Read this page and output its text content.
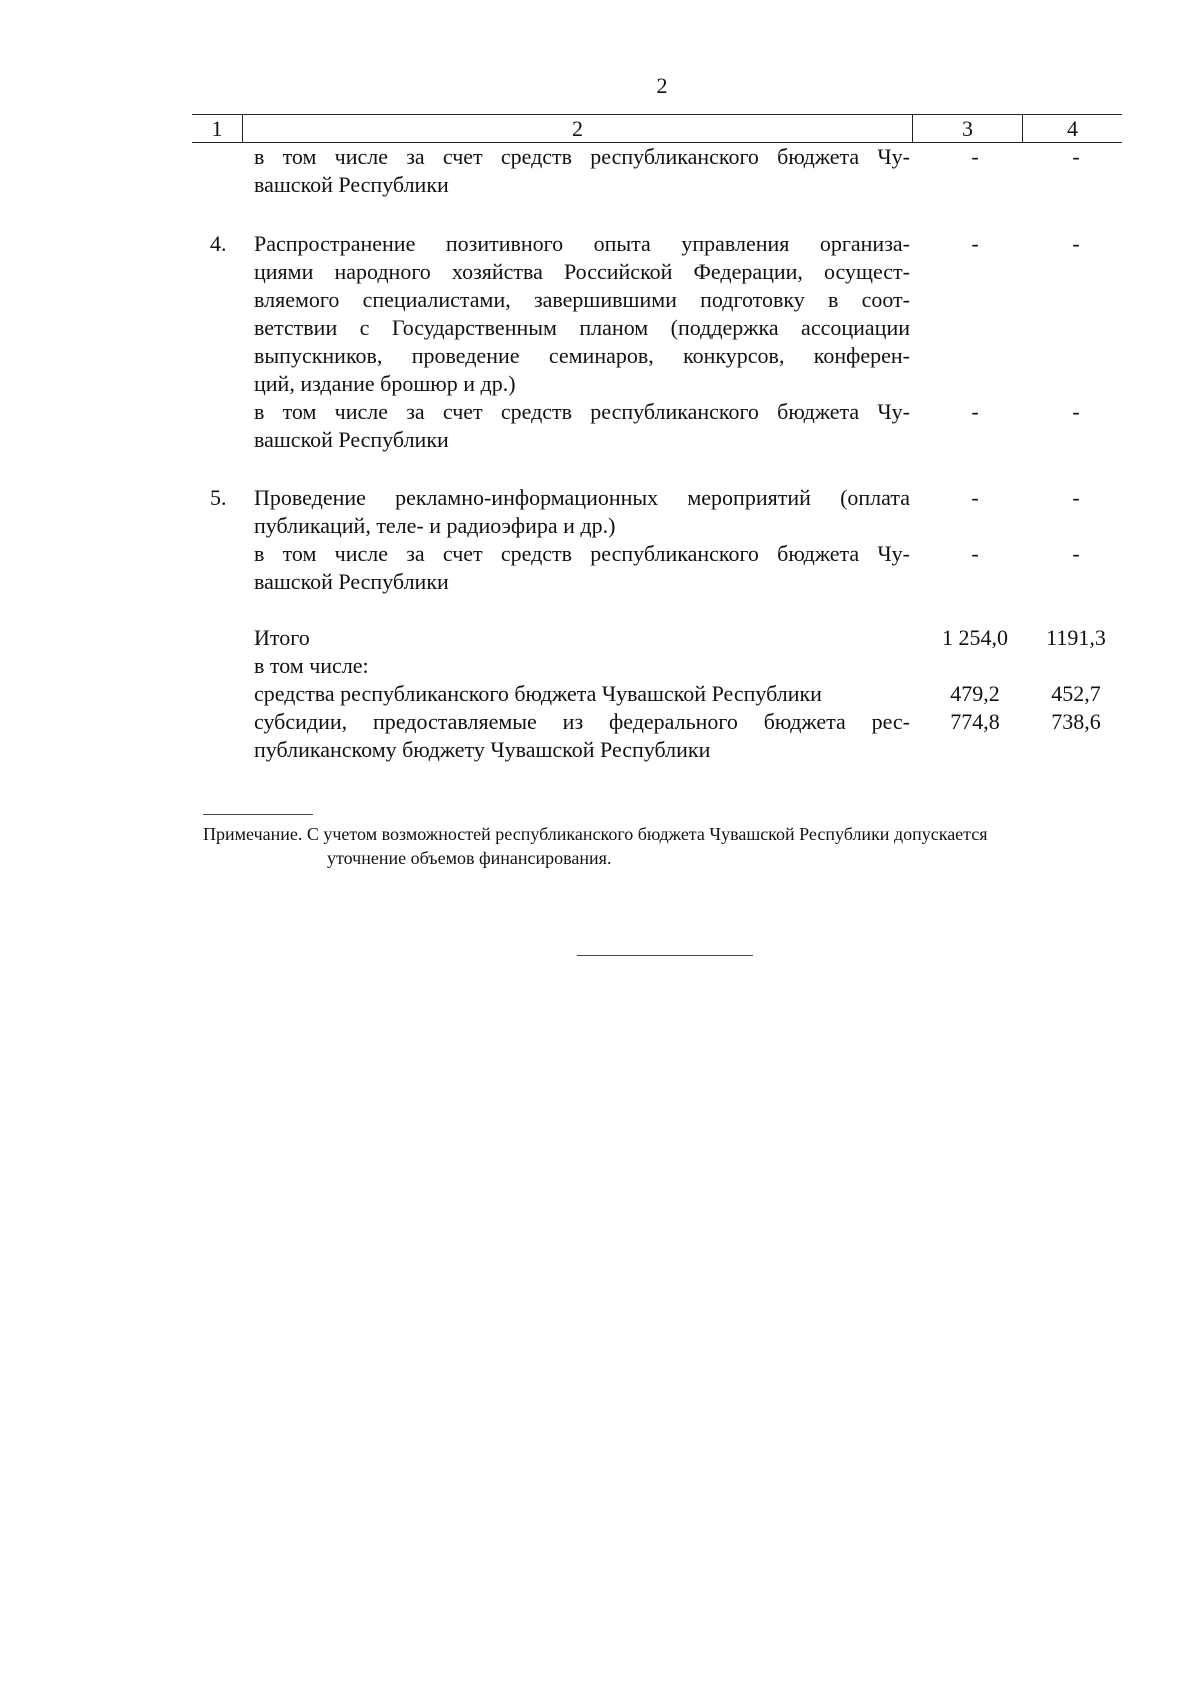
2
1	2	3	4
в том числе за счет средств республиканского бюджета Чу-
вашской Республики
-	-
4. Распространение позитивного опыта управления организа-
циями народного хозяйства Российской Федерации, осущест-
вляемого специалистами, завершившими подготовку в соот-
ветствии с Государственным планом (поддержка ассоциации
выпускников, проведение семинаров, конкурсов, конферен-
ций, издание брошюр и др.)
-	-
в том числе за счет средств республиканского бюджета Чу-
вашской Республики
-	-
5. Проведение рекламно-информационных мероприятий (оплата
публикаций, теле- и радиоэфира и др.)
-	-
в том числе за счет средств республиканского бюджета Чу-
вашской Республики
-	-
Итого	1 254,0	1191,3
в том числе:
средства республиканского бюджета Чувашской Республики	479,2	452,7
субсидии, предоставляемые из федерального бюджета рес-
публиканскому бюджету Чувашской Республики
774,8	738,6
Примечание. С учетом возможностей республиканского бюджета Чувашской Республики допускается
уточнение объемов финансирования.
